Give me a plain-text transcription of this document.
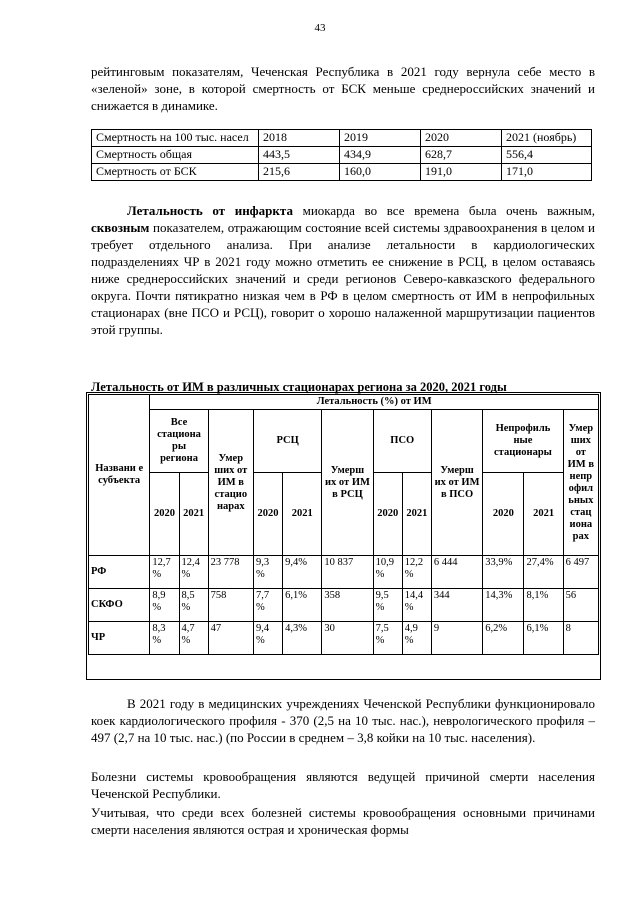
43
рейтинговым показателям, Чеченская Республика в 2021 году вернула себе место в «зеленой» зоне, в которой смертность от БСК меньше среднероссийских значений и снижается в динамике.
Смертность на 100 тыс. насел	2018	2019	2020	2021 (ноябрь)
Смертность общая	443,5	434,9	628,7	556,4
Смертность от БСК	215,6	160,0	191,0	171,0
Летальность от инфаркта миокарда во все времена была очень важным, сквозным показателем, отражающим состояние всей системы здравоохранения в целом и требует отдельного анализа. При анализе летальности в кардиологических подразделениях ЧР в 2021 году можно отметить ее снижение в РСЦ, в целом оставаясь ниже среднероссийских значений и среди регионов Северо-кавказского федерального округа. Почти пятикратно низкая чем в РФ в целом смертность от ИМ в непрофильных стационарах (вне ПСО и РСЦ), говорит о хорошо налаженной маршрутизации пациентов этой группы.
Летальность от ИМ в различных стационарах региона за 2020, 2021 годы
Названи е субъекта	Летальность (%) от ИМ											
	Все стациона ры региона		Умер ших от ИМ в стацио нарах	РСЦ		Умерш их от ИМ в РСЦ	ПСО		Умерш их от ИМ в ПСО	Непрофиль ные стационары		Умер ших от ИМ в непр офил ьных стац иона рах
	2020	2021		2020	2021		2020	2021		2020	2021	
РФ	12,7 %	12,4 %	23 778	9,3 %	9,4%	10 837	10,9 %	12,2 %	6 444	33,9%	27,4%	6 497
СКФО	8,9 %	8,5 %	758	7,7 %	6,1%	358	9,5 %	14,4 %	344	14,3%	8,1%	56
ЧР	8,3 %	4,7 %	47	9,4 %	4,3%	30	7,5 %	4,9 %	9	6,2%	6,1%	8
В 2021 году в медицинских учреждениях Чеченской Республики функционировало коек кардиологического профиля - 370 (2,5 на 10 тыс. нас.), неврологического профиля – 497 (2,7 на 10 тыс. нас.) (по России в среднем – 3,8 койки на 10 тыс. населения).
Болезни системы кровообращения являются ведущей причиной смерти населения Чеченской Республики.
Учитывая, что среди всех болезней системы кровообращения основными причинами смерти населения являются острая и хроническая формы
